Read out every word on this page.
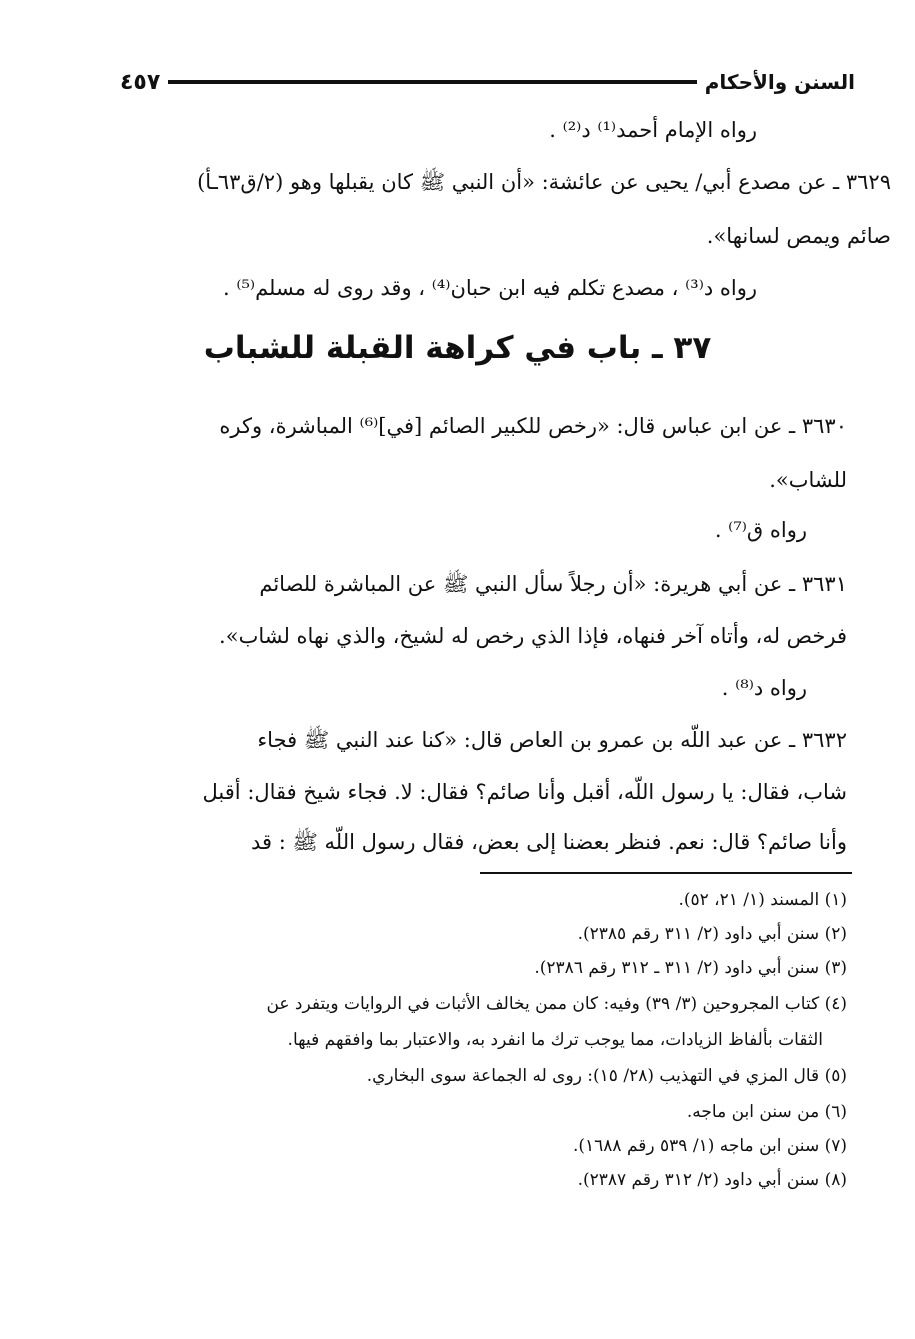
السنن والأحكام
٤٥٧
رواه الإمام أحمد⁽¹⁾ د⁽²⁾ .
٣٦٢٩ ـ عن مصدع أبي/ يحيى عن عائشة: «أن النبي ﷺ كان يقبلها وهو (٢/ق٦٣ـأ)
صائم ويمص لسانها».
رواه د⁽³⁾ ، مصدع تكلم فيه ابن حبان⁽⁴⁾ ، وقد روى له مسلم⁽⁵⁾ .
٣٦٣٠ ـ عن ابن عباس قال: «رخص للكبير الصائم [في]⁽⁶⁾ المباشرة، وكره
للشاب».
رواه ق⁽⁷⁾ .
٣٦٣١ ـ عن أبي هريرة: «أن رجلاً سأل النبي ﷺ عن المباشرة للصائم
فرخص له، وأتاه آخر فنهاه، فإذا الذي رخص له لشيخ، والذي نهاه لشاب».
رواه د⁽⁸⁾ .
٣٦٣٢ ـ عن عبد اللّه بن عمرو بن العاص قال: «كنا عند النبي ﷺ فجاء
شاب، فقال: يا رسول اللّه، أقبل وأنا صائم؟ فقال: لا. فجاء شيخ فقال: أقبل
وأنا صائم؟ قال: نعم. فنظر بعضنا إلى بعض، فقال رسول اللّه ﷺ : قد
٣٧ ـ باب في كراهة القبلة للشباب
(١) المسند (١/ ٢١، ٥٢).
(٢) سنن أبي داود (٢/ ٣١١ رقم ٢٣٨٥).
(٣) سنن أبي داود (٢/ ٣١١ ـ ٣١٢ رقم ٢٣٨٦).
(٤) كتاب المجروحين (٣/ ٣٩) وفيه: كان ممن يخالف الأثبات في الروايات ويتفرد عن
الثقات بألفاظ الزيادات، مما يوجب ترك ما انفرد به، والاعتبار بما وافقهم فيها.
(٥) قال المزي في التهذيب (٢٨/ ١٥): روى له الجماعة سوى البخاري.
(٦) من سنن ابن ماجه.
(٧) سنن ابن ماجه (١/ ٥٣٩ رقم ١٦٨٨).
(٨) سنن أبي داود (٢/ ٣١٢ رقم ٢٣٨٧).
